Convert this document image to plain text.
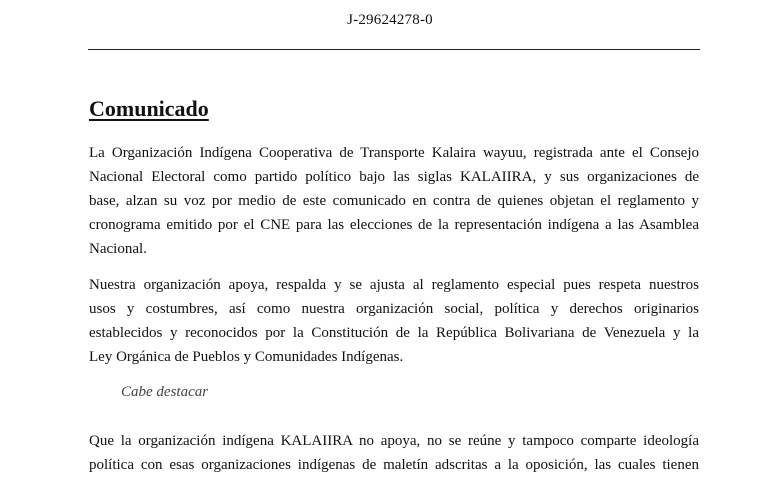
J-29624278-0
Comunicado
La Organización Indígena Cooperativa de Transporte Kalaira wayuu, registrada ante el Consejo
Nacional Electoral como partido político bajo las siglas KALAIIRA, y sus organizaciones de
base, alzan su voz por medio de este comunicado en contra de quienes objetan el reglamento y
cronograma emitido por el CNE para las elecciones de la representación indígena a las Asamblea
Nacional.
Nuestra organización apoya, respalda y se ajusta al reglamento especial pues respeta nuestros
usos y costumbres, así como nuestra organización social, política y derechos originarios
establecidos y reconocidos por la Constitución de la República Bolivariana de Venezuela y la
Ley Orgánica de Pueblos y Comunidades Indígenas.

Cabe destacar

Que la organización indígena KALAIIRA no apoya, no se reúne y tampoco comparte ideología
política con esas organizaciones indígenas de maletín adscritas a la oposición, las cuales tienen
